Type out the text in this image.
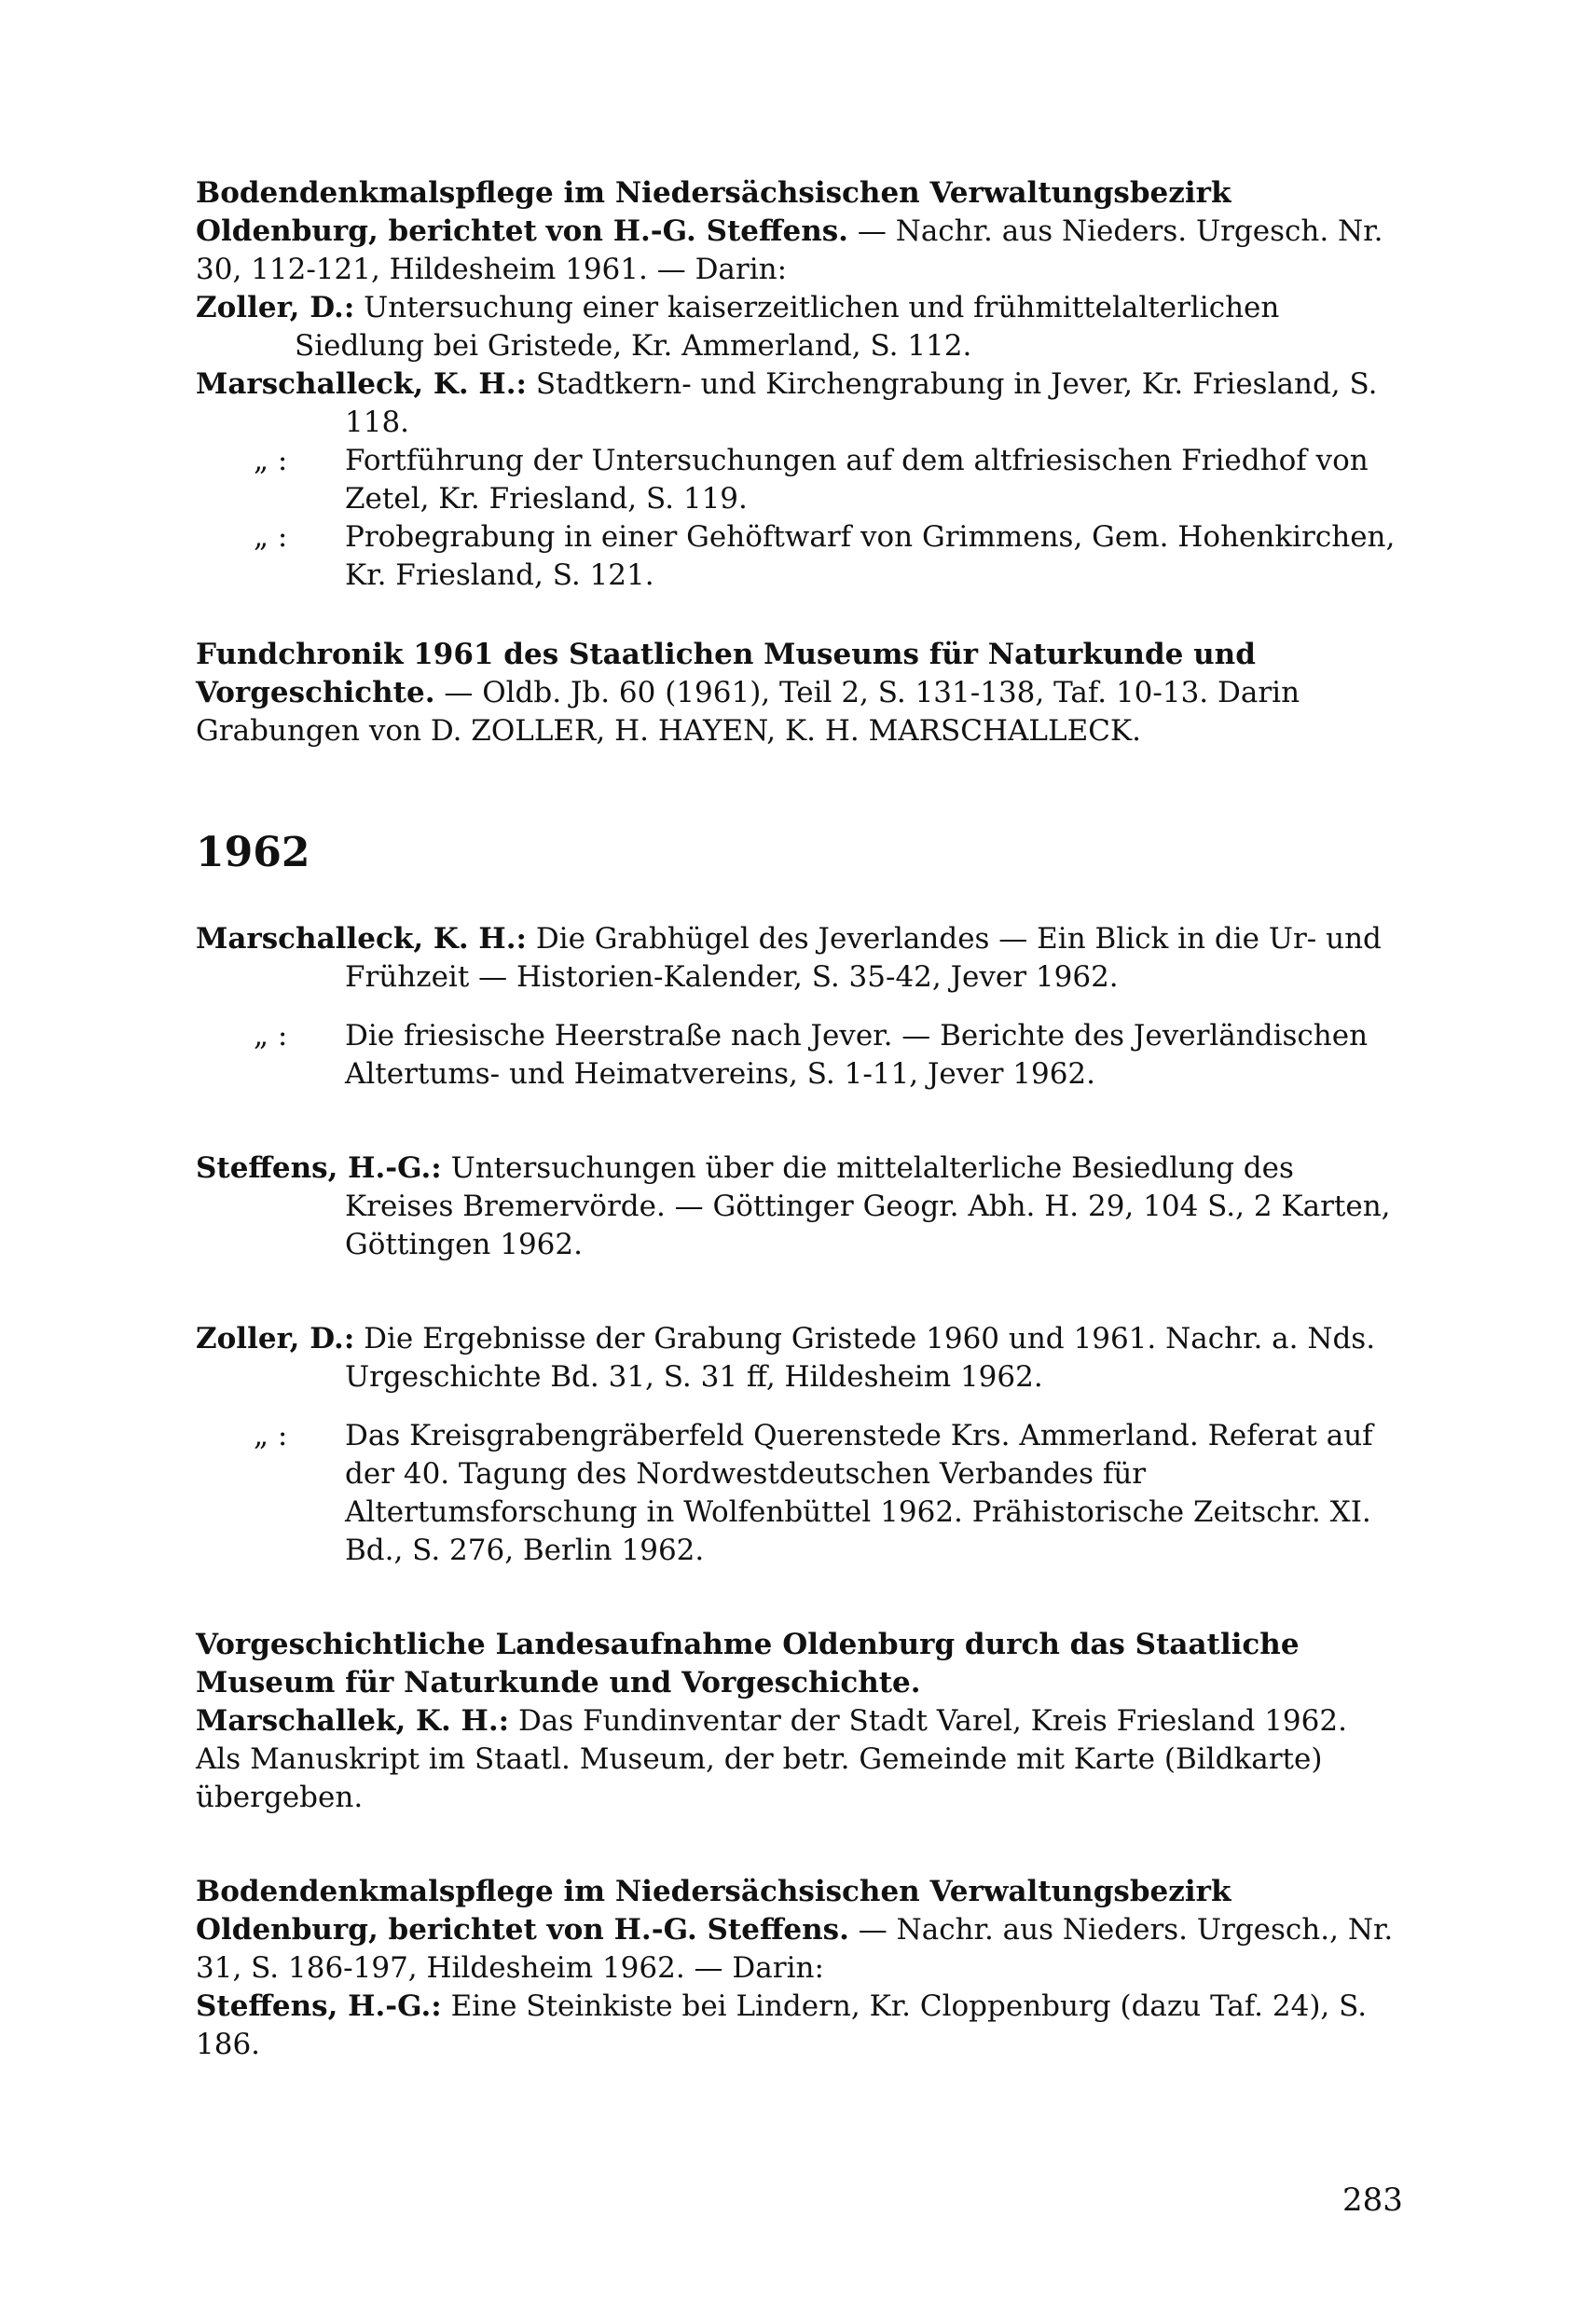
Bodendenkmalspflege im Niedersächsischen Verwaltungsbezirk Oldenburg, berichtet von H.-G. Steffens. — Nachr. aus Nieders. Urgesch. Nr. 30, 112-121, Hildesheim 1961. — Darin:

Zoller, D.: Untersuchung einer kaiserzeitlichen und frühmittelalterlichen Siedlung bei Gristede, Kr. Ammerland, S. 112.

Marschalleck, K. H.: Stadtkern- und Kirchengrabung in Jever, Kr. Friesland, S. 118.

„ :	Fortführung der Untersuchungen auf dem altfriesischen Friedhof von Zetel, Kr. Friesland, S. 119.

„ :	Probegrabung in einer Gehöftwarf von Grimmens, Gem. Hohenkirchen, Kr. Friesland, S. 121.

Fundchronik 1961 des Staatlichen Museums für Naturkunde und Vorgeschichte. — Oldb. Jb. 60 (1961), Teil 2, S. 131-138, Taf. 10-13. Darin Grabungen von D. ZOLLER, H. HAYEN, K. H. MARSCHALLECK.

1962

Marschalleck, K. H.: Die Grabhügel des Jeverlandes — Ein Blick in die Ur- und Frühzeit — Historien-Kalender, S. 35-42, Jever 1962.

„ :	Die friesische Heerstraße nach Jever. — Berichte des Jeverländischen Altertums- und Heimatvereins, S. 1-11, Jever 1962.

Steffens, H.-G.: Untersuchungen über die mittelalterliche Besiedlung des Kreises Bremervörde. — Göttinger Geogr. Abh. H. 29, 104 S., 2 Karten, Göttingen 1962.

Zoller, D.: Die Ergebnisse der Grabung Gristede 1960 und 1961. Nachr. a. Nds. Urgeschichte Bd. 31, S. 31 ff, Hildesheim 1962.

„ :	Das Kreisgrabengräberfeld Querenstede Krs. Ammerland. Referat auf der 40. Tagung des Nordwestdeutschen Verbandes für Altertumsforschung in Wolfenbüttel 1962. Prähistorische Zeitschr. XI. Bd., S. 276, Berlin 1962.

Vorgeschichtliche Landesaufnahme Oldenburg durch das Staatliche Museum für Naturkunde und Vorgeschichte.

Marschallek, K. H.: Das Fundinventar der Stadt Varel, Kreis Friesland 1962.

Als Manuskript im Staatl. Museum, der betr. Gemeinde mit Karte (Bildkarte) übergeben.

Bodendenkmalspflege im Niedersächsischen Verwaltungsbezirk Oldenburg, berichtet von H.-G. Steffens. — Nachr. aus Nieders. Urgesch., Nr. 31, S. 186-197, Hildesheim 1962. — Darin:

Steffens, H.-G.: Eine Steinkiste bei Lindern, Kr. Cloppenburg (dazu Taf. 24), S. 186.

283
